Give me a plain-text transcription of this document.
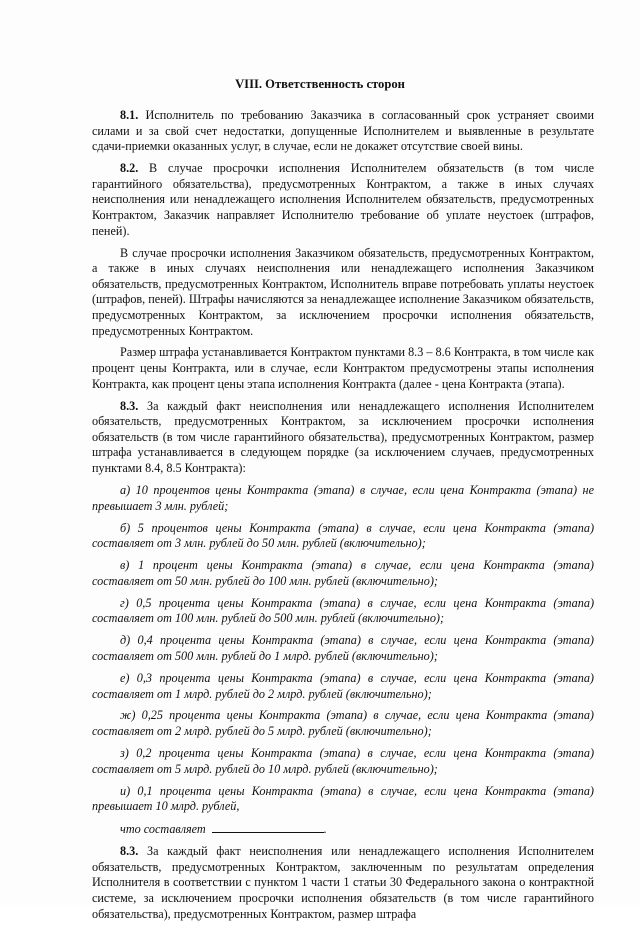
VIII. Ответственность сторон

8.1. Исполнитель по требованию Заказчика в согласованный срок устраняет своими силами и за свой счет недостатки, допущенные Исполнителем и выявленные в результате сдачи-приемки оказанных услуг, в случае, если не докажет отсутствие своей вины.

8.2. В случае просрочки исполнения Исполнителем обязательств (в том числе гарантийного обязательства), предусмотренных Контрактом, а также в иных случаях неисполнения или ненадлежащего исполнения Исполнителем обязательств, предусмотренных Контрактом, Заказчик направляет Исполнителю требование об уплате неустоек (штрафов, пеней).

В случае просрочки исполнения Заказчиком обязательств, предусмотренных Контрактом, а также в иных случаях неисполнения или ненадлежащего исполнения Заказчиком обязательств, предусмотренных Контрактом, Исполнитель вправе потребовать уплаты неустоек (штрафов, пеней). Штрафы начисляются за ненадлежащее исполнение Заказчиком обязательств, предусмотренных Контрактом, за исключением просрочки исполнения обязательств, предусмотренных Контрактом.

Размер штрафа устанавливается Контрактом пунктами 8.3 – 8.6 Контракта, в том числе как процент цены Контракта, или в случае, если Контрактом предусмотрены этапы исполнения Контракта, как процент цены этапа исполнения Контракта (далее - цена Контракта (этапа).

8.3. За каждый факт неисполнения или ненадлежащего исполнения Исполнителем обязательств, предусмотренных Контрактом, за исключением просрочки исполнения обязательств (в том числе гарантийного обязательства), предусмотренных Контрактом, размер штрафа устанавливается в следующем порядке (за исключением случаев, предусмотренных пунктами 8.4, 8.5 Контракта):

а) 10 процентов цены Контракта (этапа) в случае, если цена Контракта (этапа) не превышает 3 млн. рублей;

б) 5 процентов цены Контракта (этапа) в случае, если цена Контракта (этапа) составляет от 3 млн. рублей до 50 млн. рублей (включительно);

в) 1 процент цены Контракта (этапа) в случае, если цена Контракта (этапа) составляет от 50 млн. рублей до 100 млн. рублей (включительно);

г) 0,5 процента цены Контракта (этапа) в случае, если цена Контракта (этапа) составляет от 100 млн. рублей до 500 млн. рублей (включительно);

д) 0,4 процента цены Контракта (этапа) в случае, если цена Контракта (этапа) составляет от 500 млн. рублей до 1 млрд. рублей (включительно);

е) 0,3 процента цены Контракта (этапа) в случае, если цена Контракта (этапа) составляет от 1 млрд. рублей до 2 млрд. рублей (включительно);

ж) 0,25 процента цены Контракта (этапа) в случае, если цена Контракта (этапа) составляет от 2 млрд. рублей до 5 млрд. рублей (включительно);

з) 0,2 процента цены Контракта (этапа) в случае, если цена Контракта (этапа) составляет от 5 млрд. рублей до 10 млрд. рублей (включительно);

и) 0,1 процента цены Контракта (этапа) в случае, если цена Контракта (этапа) превышает 10 млрд. рублей,

что составляет	.

8.3. За каждый факт неисполнения или ненадлежащего исполнения Исполнителем обязательств, предусмотренных Контрактом, заключенным по результатам определения Исполнителя в соответствии с пунктом 1 части 1 статьи 30 Федерального закона о контрактной системе, за исключением просрочки исполнения обязательств (в том числе гарантийного обязательства), предусмотренных Контрактом, размер штрафа
